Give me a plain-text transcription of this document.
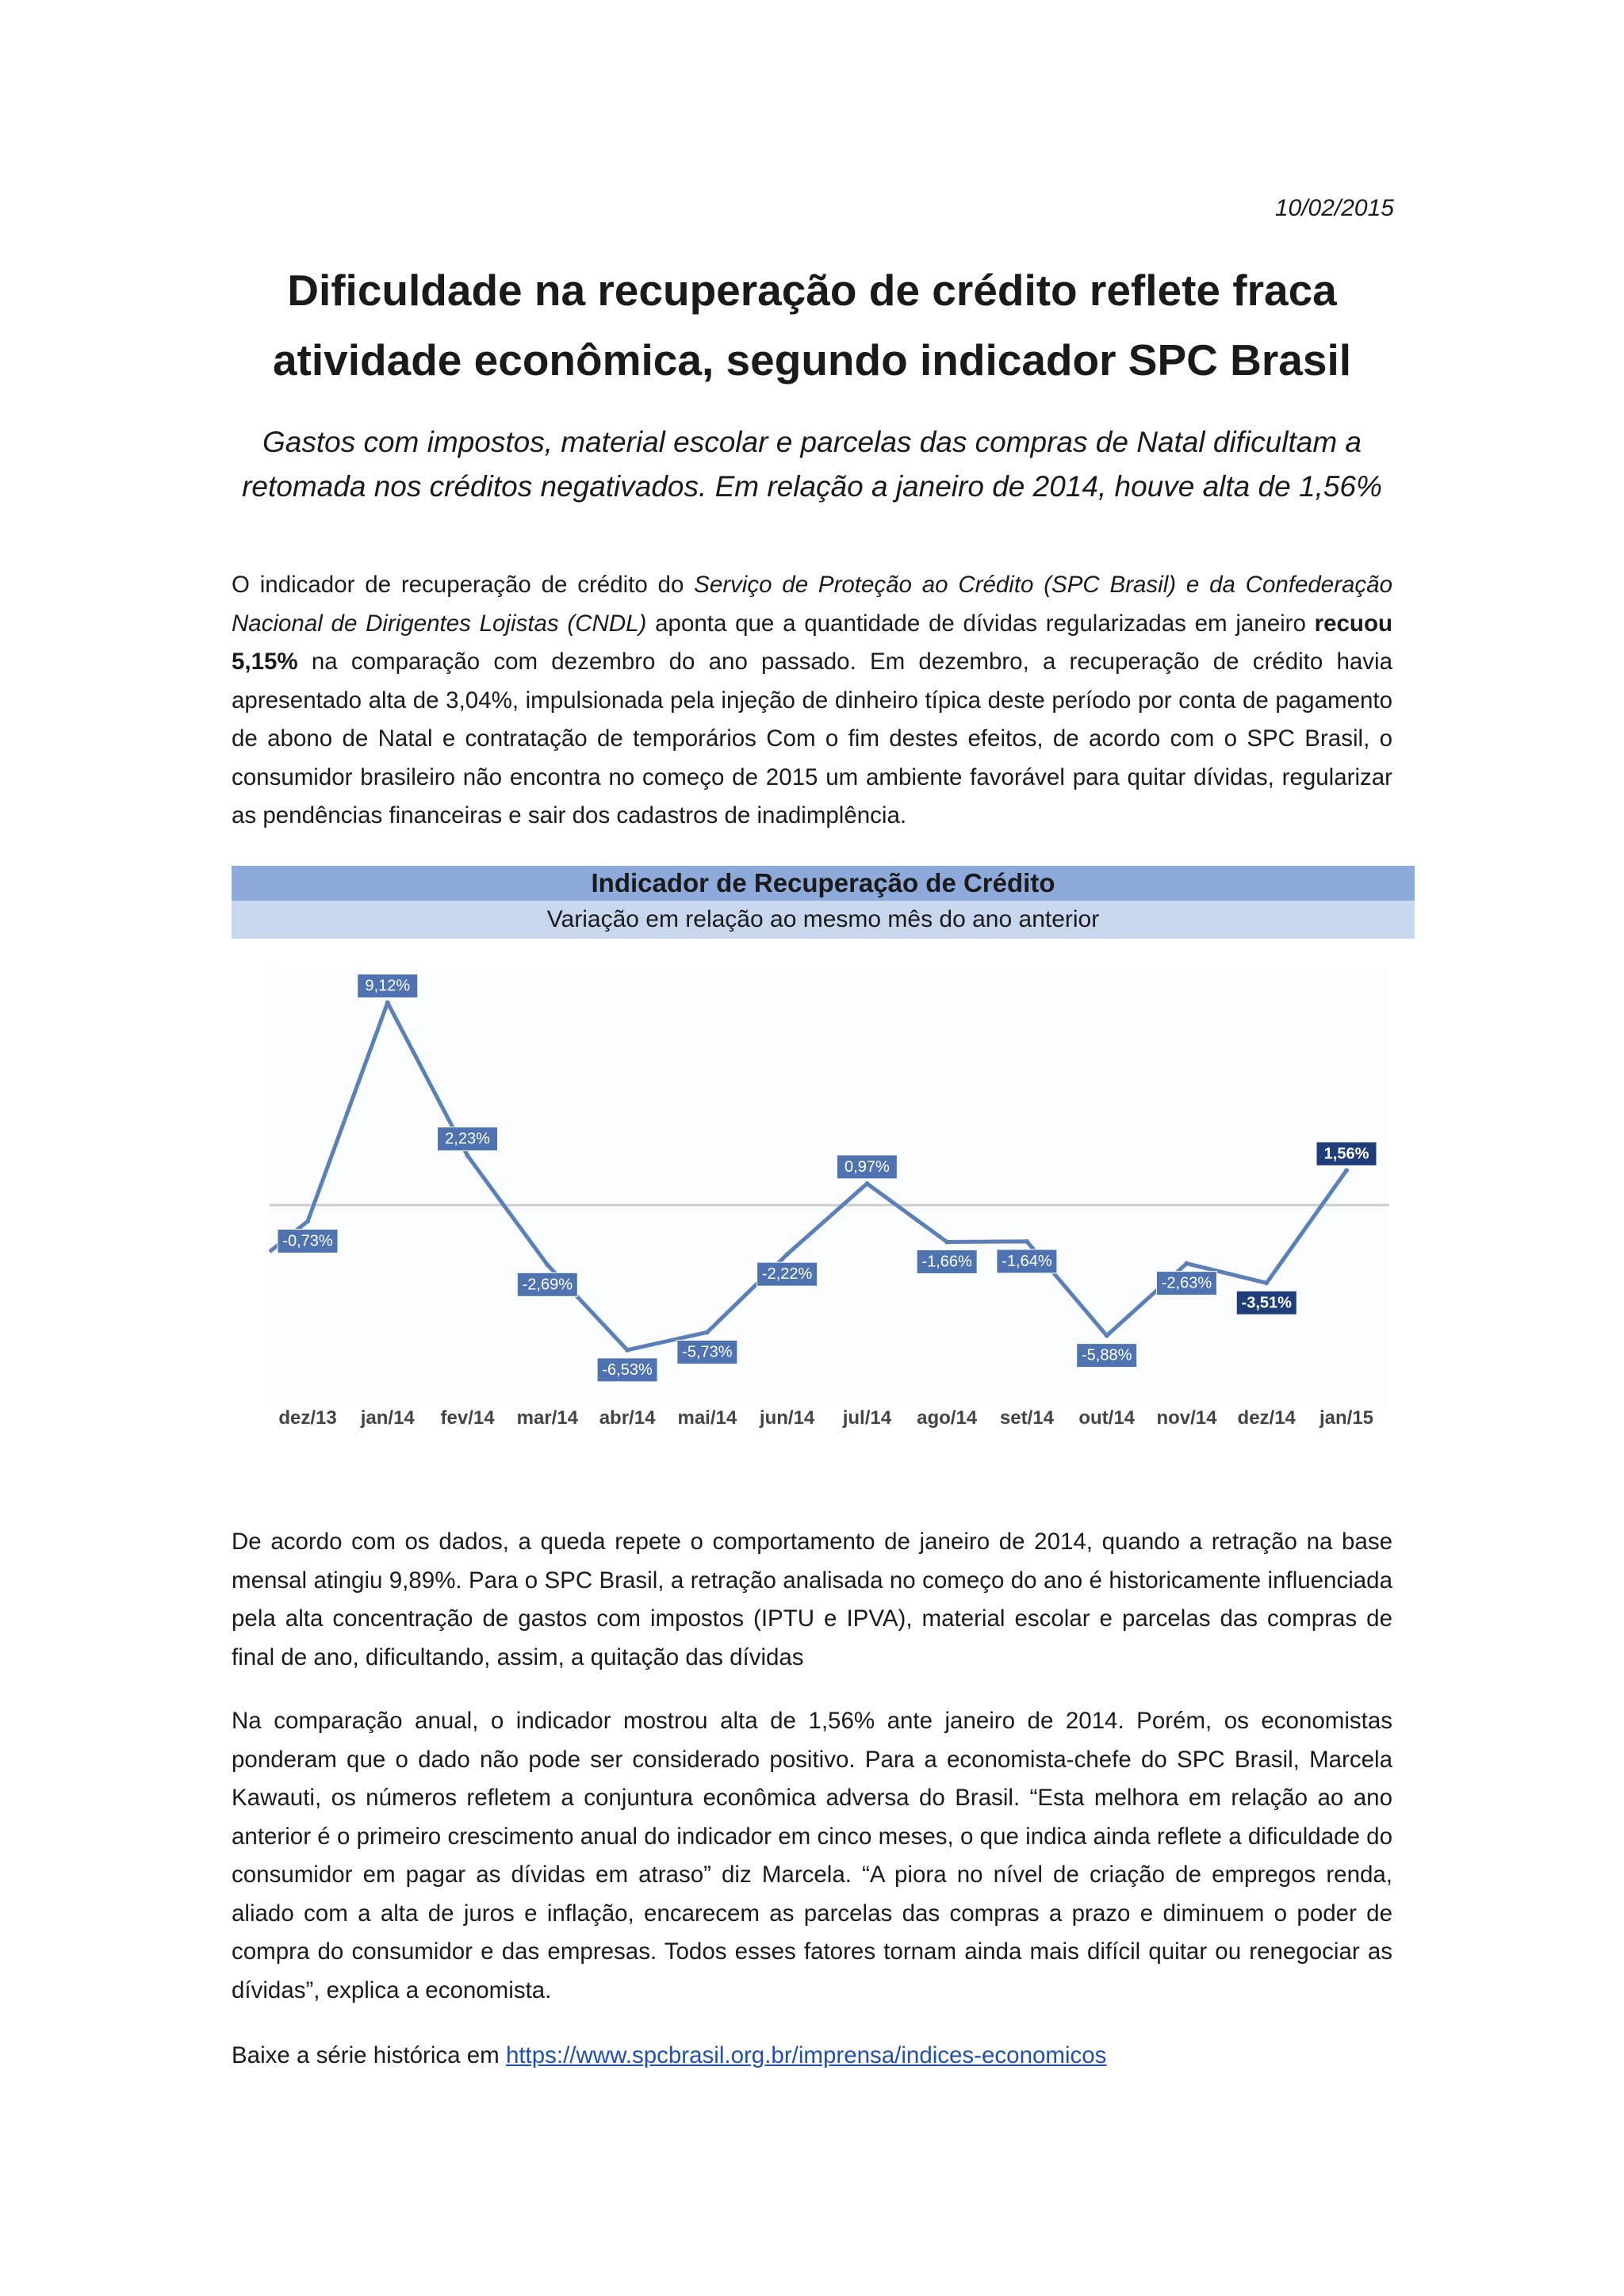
10/02/2015
Dificuldade na recuperação de crédito reflete fraca
atividade econômica, segundo indicador SPC Brasil
Gastos com impostos, material escolar e parcelas das compras de Natal dificultam a
retomada nos créditos negativados. Em relação a janeiro de 2014, houve alta de 1,56%
O indicador de recuperação de crédito do Serviço de Proteção ao Crédito (SPC Brasil) e da Confederação Nacional de Dirigentes Lojistas (CNDL) aponta que a quantidade de dívidas regularizadas em janeiro recuou 5,15% na comparação com dezembro do ano passado. Em dezembro, a recuperação de crédito havia apresentado alta de 3,04%, impulsionada pela injeção de dinheiro típica deste período por conta de pagamento de abono de Natal e contratação de temporários Com o fim destes efeitos, de acordo com o SPC Brasil, o consumidor brasileiro não encontra no começo de 2015 um ambiente favorável para quitar dívidas, regularizar as pendências financeiras e sair dos cadastros de inadimplência.
Indicador de Recuperação de Crédito
Variação em relação ao mesmo mês do ano anterior
-0,73%
9,12%
2,23%
-2,69%
-6,53%
-5,73%
-2,22%
0,97%
-1,66% -1,64%
-5,88%
-2,63%
-3,51%
1,56%
dez/13 jan/14 fev/14 mar/14 abr/14 mai/14 jun/14 jul/14 ago/14 set/14 out/14 nov/14 dez/14 jan/15
De acordo com os dados, a queda repete o comportamento de janeiro de 2014, quando a retração na base mensal atingiu 9,89%. Para o SPC Brasil, a retração analisada no começo do ano é historicamente influenciada pela alta concentração de gastos com impostos (IPTU e IPVA), material escolar e parcelas das compras de final de ano, dificultando, assim, a quitação das dívidas
Na comparação anual, o indicador mostrou alta de 1,56% ante janeiro de 2014. Porém, os economistas ponderam que o dado não pode ser considerado positivo. Para a economista-chefe do SPC Brasil, Marcela Kawauti, os números refletem a conjuntura econômica adversa do Brasil. “Esta melhora em relação ao ano anterior é o primeiro crescimento anual do indicador em cinco meses, o que indica ainda reflete a dificuldade do consumidor em pagar as dívidas em atraso” diz Marcela. “A piora no nível de criação de empregos renda, aliado com a alta de juros e inflação, encarecem as parcelas das compras a prazo e diminuem o poder de compra do consumidor e das empresas. Todos esses fatores tornam ainda mais difícil quitar ou renegociar as dívidas”, explica a economista.
Baixe a série histórica em https://www.spcbrasil.org.br/imprensa/indices-economicos
